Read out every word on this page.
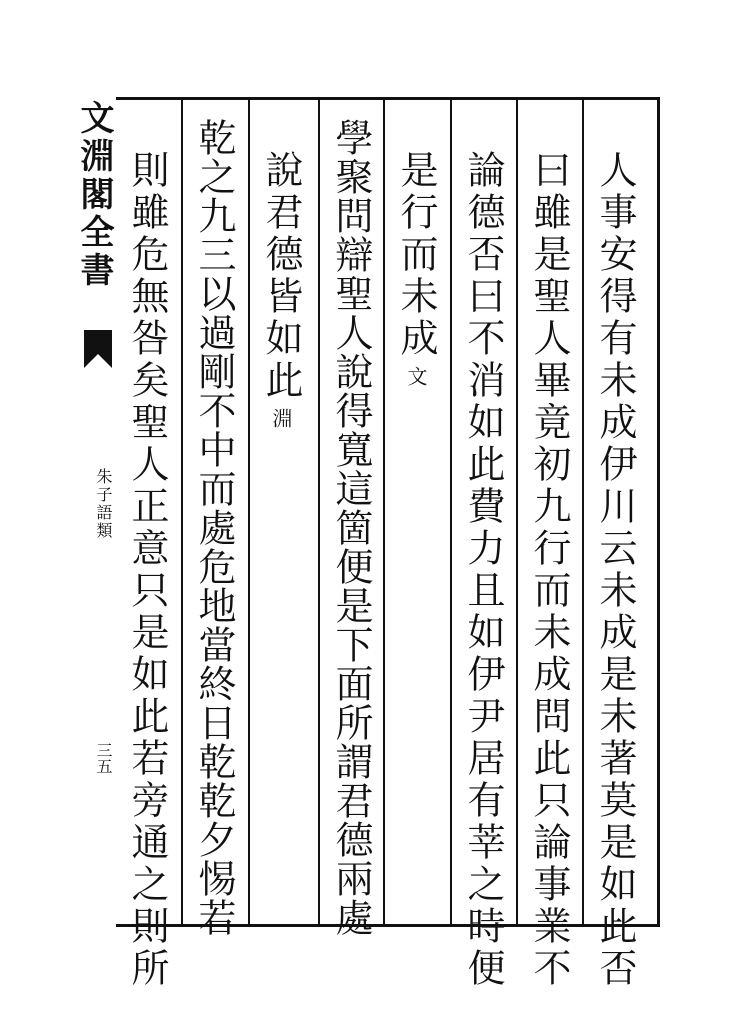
文淵閣全書
朱子語類
三五	人事安得有未成伊川云未成是未著莫是如此否
曰雖是聖人畢竟初九行而未成問此只論事業不
論德否曰不消如此費力且如伊尹居有莘之時便
是行而未成文
學聚問辯聖人說得寬這箇便是下面所謂君德兩處
說君德皆如此淵
乾之九三以過剛不中而處危地當終日乾乾夕惕若
則雖危無咎矣聖人正意只是如此若旁通之則所
